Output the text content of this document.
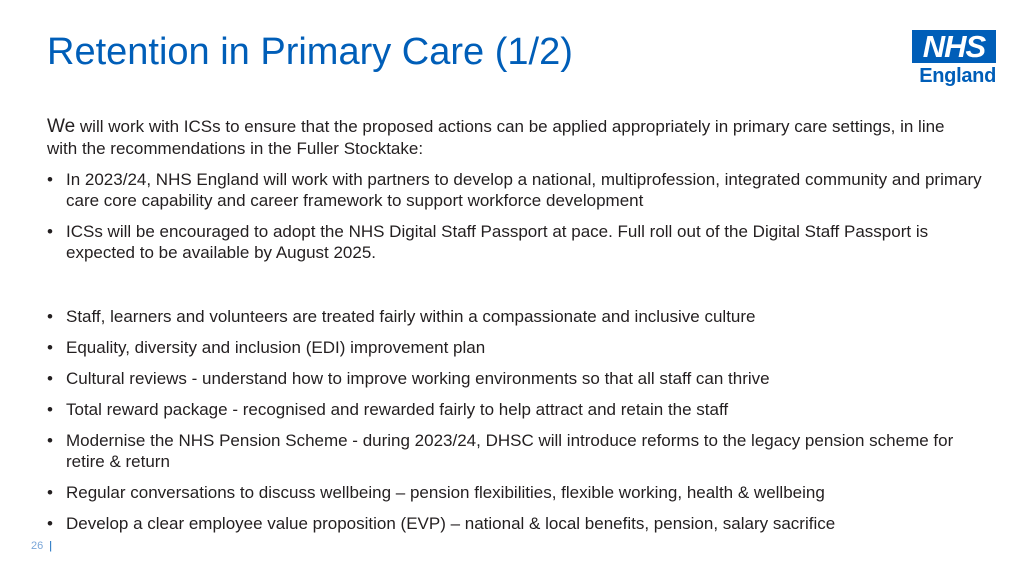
Retention in Primary Care (1/2)	NHS
England

We will work with ICSs to ensure that the proposed actions can be applied appropriately in primary care settings, in line with the recommendations in the Fuller Stocktake:

• In 2023/24, NHS England will work with partners to develop a national, multiprofession, integrated community and primary care core capability and career framework to support workforce development
• ICSs will be encouraged to adopt the NHS Digital Staff Passport at pace. Full roll out of the Digital Staff Passport is expected to be available by August 2025.
• Staff, learners and volunteers are treated fairly within a compassionate and inclusive culture
• Equality, diversity and inclusion (EDI) improvement plan
• Cultural reviews - understand how to improve working environments so that all staff can thrive
• Total reward package - recognised and rewarded fairly to help attract and retain the staff
• Modernise the NHS Pension Scheme - during 2023/24, DHSC will introduce reforms to the legacy pension scheme for retire & return
• Regular conversations to discuss wellbeing – pension flexibilities, flexible working, health & wellbeing
• Develop a clear employee value proposition (EVP) – national & local benefits, pension, salary sacrifice
26 |
